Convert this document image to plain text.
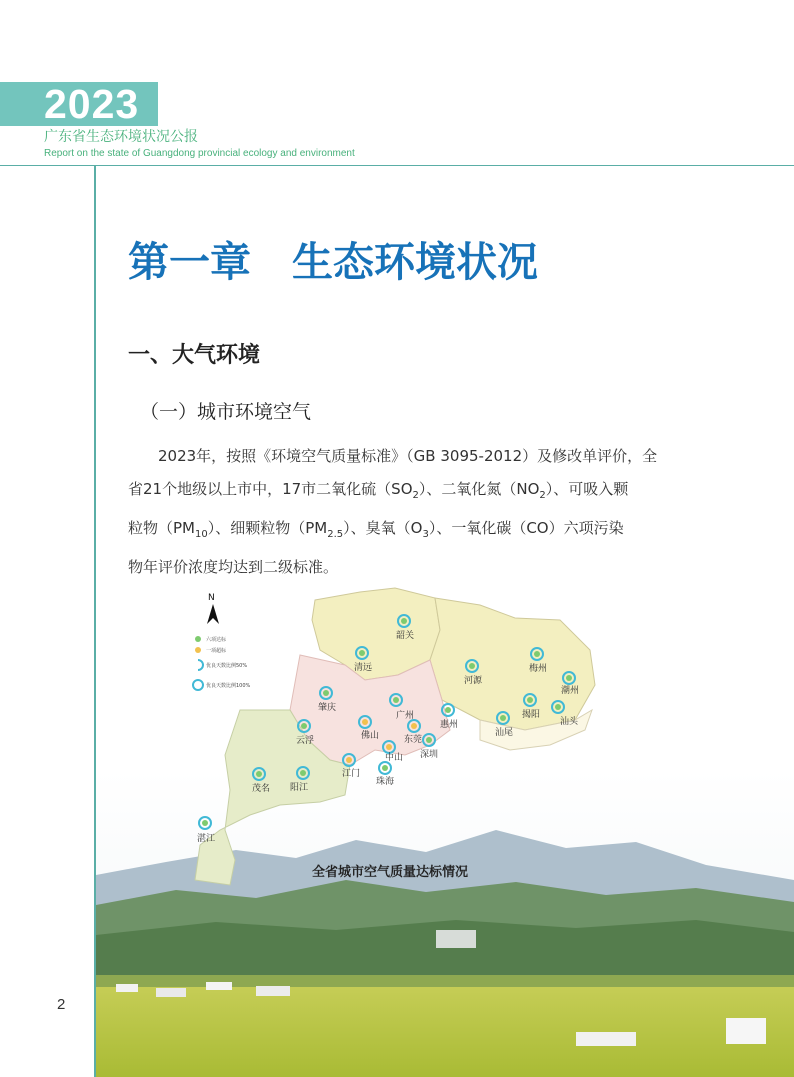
2023
广东省生态环境状况公报
Report on the state of Guangdong provincial ecology and environment
第一章　生态环境状况
一、大气环境
（一）城市环境空气

2023年，按照《环境空气质量标准》（GB 3095-2012）及修改单评价，全

省21个地级以上市中，17市二氧化硫$(SO_2)$、二氧化氮$(NO_2)$、可吸入颗

粒物$(PM_{10})$、细颗粒物$(PM_{2.5})$、臭氧$(O_3)$、一氧化碳（CO）六项污染

物年评价浓度均达到二级标准。

N
六项达标
一项超标
优良天数比例50%
优良天数比例100%
韶关
清远
河源
梅州
潮州
肇庆
广州
惠州
揭阳
汕头
汕尾
佛山	东莞
云浮
深圳
中山
茂名 阳江
江门
珠海
湛江
全省城市空气质量达标情况
2
